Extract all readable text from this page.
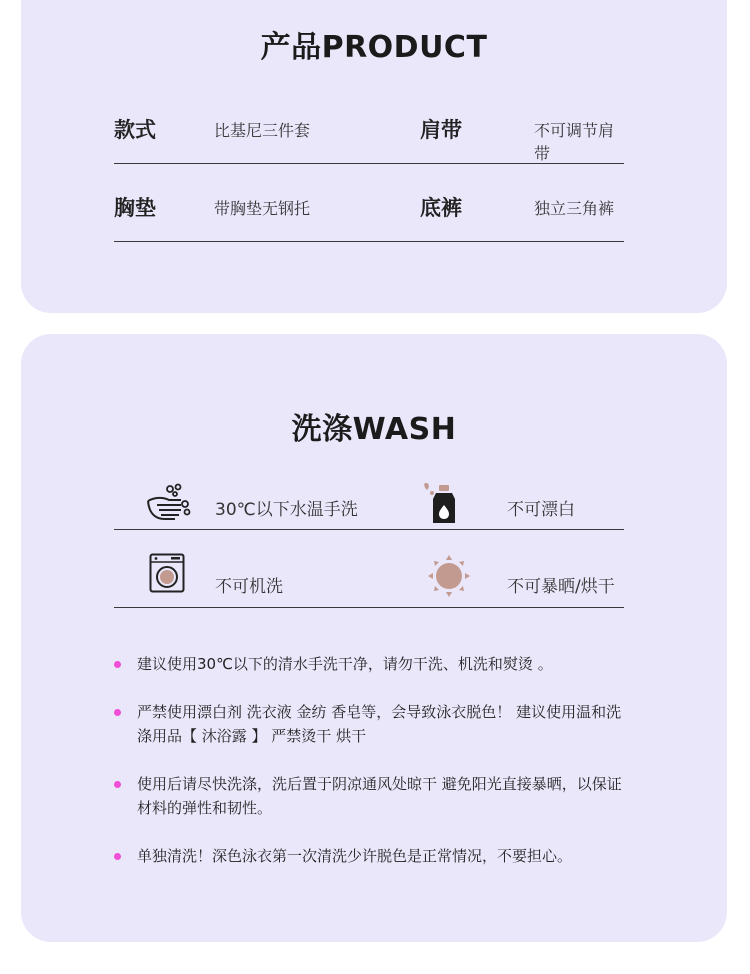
产品PRODUCT
款式	比基尼三件套	肩带	不可调节肩带
胸垫	带胸垫无钢托	底裤	独立三角裤
洗涤WASH
30℃以下水温手洗	不可漂白
不可机洗	不可暴晒/烘干
建议使用30℃以下的清水手洗干净，请勿干洗、机洗和熨烫 。
严禁使用漂白剂 洗衣液 金纺 香皂等，会导致泳衣脱色！ 建议使用温和洗涤用品【 沐浴露 】 严禁烫干 烘干
使用后请尽快洗涤，洗后置于阴凉通风处晾干 避免阳光直接暴晒，以保证材料的弹性和韧性。
单独清洗！深色泳衣第一次清洗少许脱色是正常情况，不要担心。
